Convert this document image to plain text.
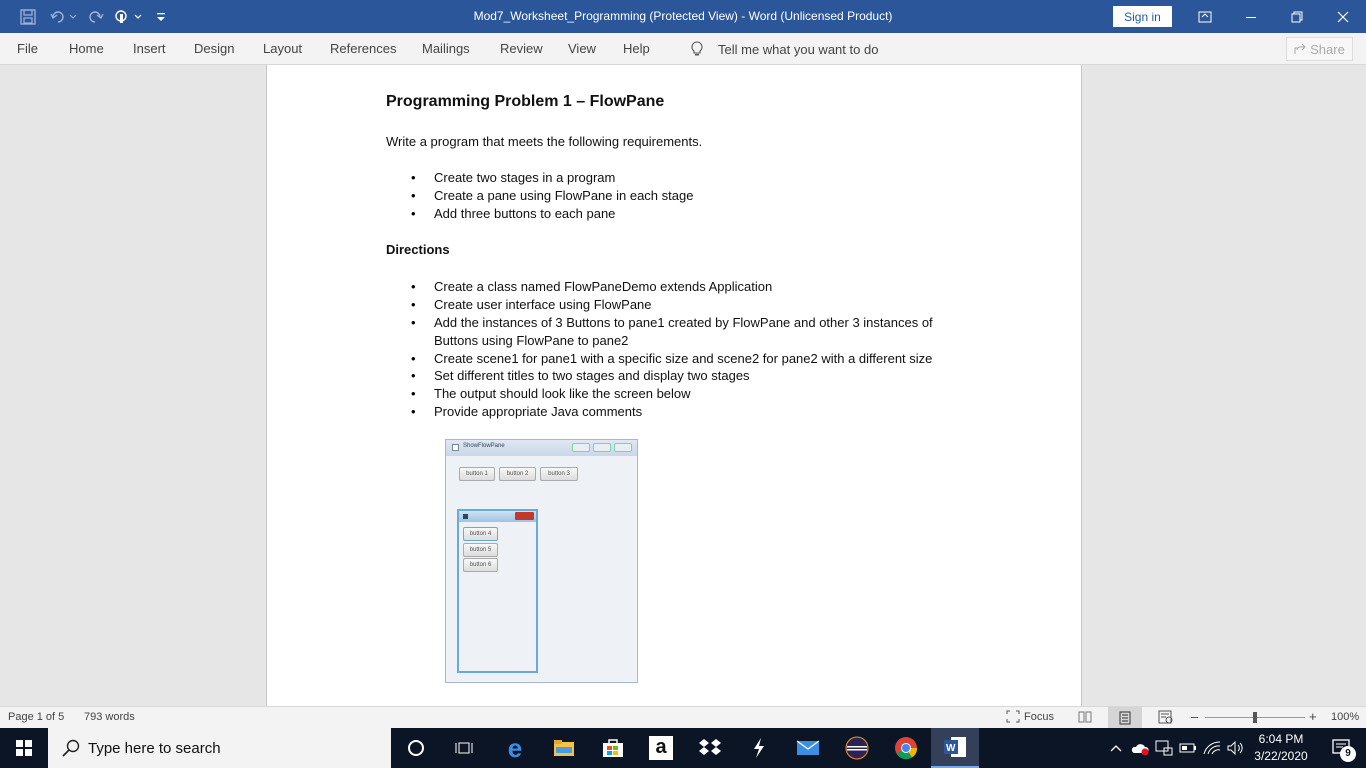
Mod7_Worksheet_Programming (Protected View) - Word (Unlicensed Product)	Sign in
File Home Insert Design Layout References Mailings Review View Help	Tell me what you want to do	Share
Programming Problem 1 – FlowPane
Write a program that meets the following requirements.
• Create two stages in a program
• Create a pane using FlowPane in each stage
• Add three buttons to each pane
Directions
• Create a class named FlowPaneDemo extends Application
• Create user interface using FlowPane
• Add the instances of 3 Buttons to pane1 created by FlowPane and other 3 instances of
Buttons using FlowPane to pane2
• Create scene1 for pane1 with a specific size and scene2 for pane2 with a different size
• Set different titles to two stages and display two stages
• The output should look like the screen below
• Provide appropriate Java comments
ShowFlowPane
button 1	button 2	button 3
button 4
button 5
button 6
Page 1 of 5 793 words	Focus	–	+ 100%
Type here to search	e	a	W
6:04 PM
3/22/2020	9
